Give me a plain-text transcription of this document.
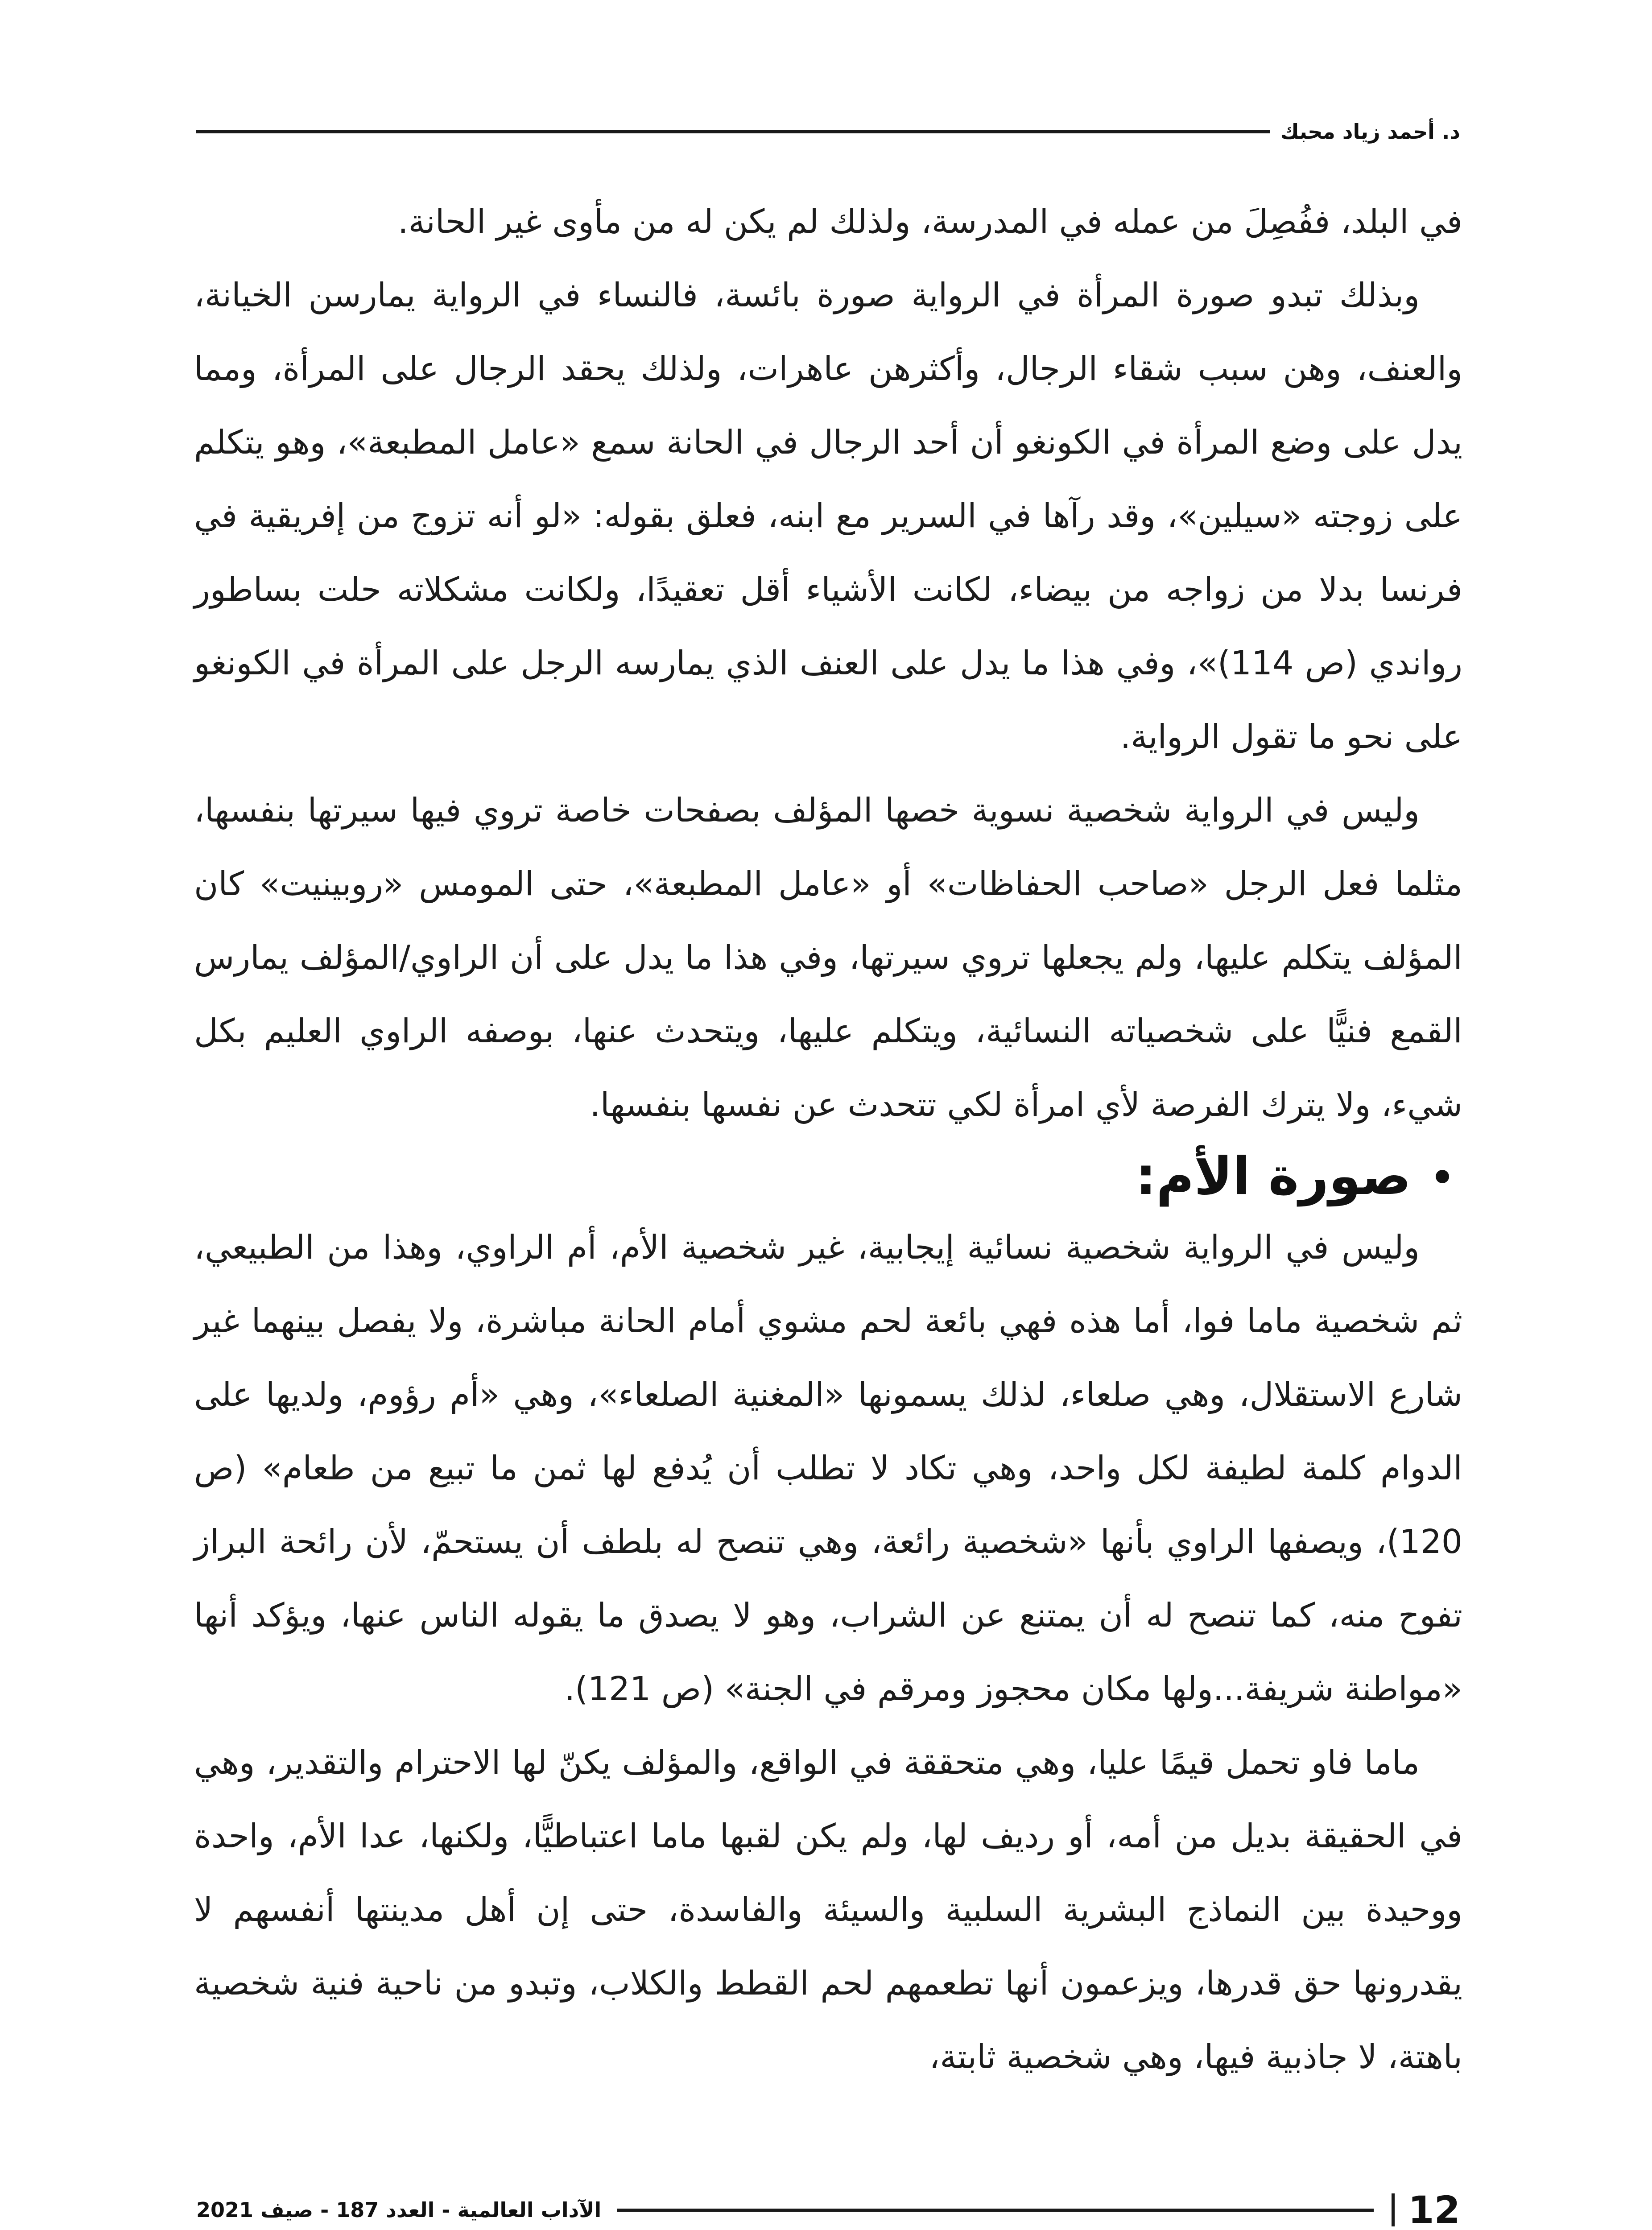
د. أحمد زياد محبك

في البلد، ففُصِلَ من عمله في المدرسة، ولذلك لم يكن له من مأوى غير الحانة.

وبذلك تبدو صورة المرأة في الرواية صورة بائسة، فالنساء في الرواية يمارسن الخيانة، والعنف، وهن سبب شقاء الرجال، وأكثرهن عاهرات، ولذلك يحقد الرجال على المرأة، ومما يدل على وضع المرأة في الكونغو أن أحد الرجال في الحانة سمع «عامل المطبعة»، وهو يتكلم على زوجته «سيلين»، وقد رآها في السرير مع ابنه، فعلق بقوله: «لو أنه تزوج من إفريقية في فرنسا بدلا من زواجه من بيضاء، لكانت الأشياء أقل تعقيدًا، ولكانت مشكلاته حلت بساطور رواندي (ص 114)»، وفي هذا ما يدل على العنف الذي يمارسه الرجل على المرأة في الكونغو على نحو ما تقول الرواية.

وليس في الرواية شخصية نسوية خصها المؤلف بصفحات خاصة تروي فيها سيرتها بنفسها، مثلما فعل الرجل «صاحب الحفاظات» أو «عامل المطبعة»، حتى المومس «روبينيت» كان المؤلف يتكلم عليها، ولم يجعلها تروي سيرتها، وفي هذا ما يدل على أن الراوي/المؤلف يمارس القمع فنيًّا على شخصياته النسائية، ويتكلم عليها، ويتحدث عنها، بوصفه الراوي العليم بكل شيء، ولا يترك الفرصة لأي امرأة لكي تتحدث عن نفسها بنفسها.

صورة الأم:

وليس في الرواية شخصية نسائية إيجابية، غير شخصية الأم، أم الراوي، وهذا من الطبيعي، ثم شخصية ماما فوا، أما هذه فهي بائعة لحم مشوي أمام الحانة مباشرة، ولا يفصل بينهما غير شارع الاستقلال، وهي صلعاء، لذلك يسمونها «المغنية الصلعاء»، وهي «أم رؤوم، ولديها على الدوام كلمة لطيفة لكل واحد، وهي تكاد لا تطلب أن يُدفع لها ثمن ما تبيع من طعام» (ص 120)، ويصفها الراوي بأنها «شخصية رائعة، وهي تنصح له بلطف أن يستحمّ، لأن رائحة البراز تفوح منه، كما تنصح له أن يمتنع عن الشراب، وهو لا يصدق ما يقوله الناس عنها، ويؤكد أنها «مواطنة شريفة...ولها مكان محجوز ومرقم في الجنة» (ص 121).

ماما فاو تحمل قيمًا عليا، وهي متحققة في الواقع، والمؤلف يكنّ لها الاحترام والتقدير، وهي في الحقيقة بديل من أمه، أو رديف لها، ولم يكن لقبها ماما اعتباطيًّا، ولكنها، عدا الأم، واحدة ووحيدة بين النماذج البشرية السلبية والسيئة والفاسدة، حتى إن أهل مدينتها أنفسهم لا يقدرونها حق قدرها، ويزعمون أنها تطعمهم لحم القطط والكلاب، وتبدو من ناحية فنية شخصية باهتة، لا جاذبية فيها، وهي شخصية ثابتة،

12
الآداب العالمية - العدد 187 - صيف 2021
